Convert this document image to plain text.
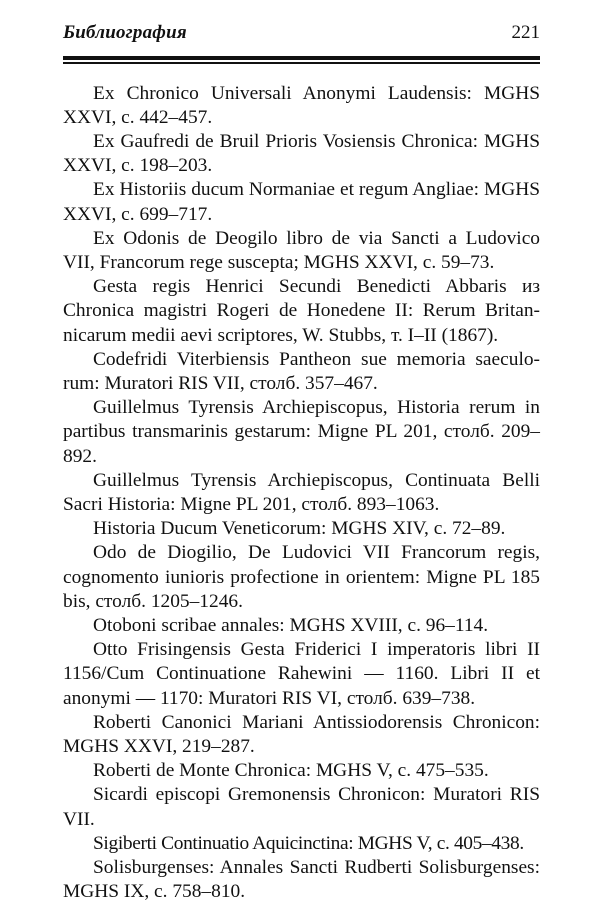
Библиография	221

Ex Chronico Universali Anonymi Laudensis: MGHS XXVI, c. 442–457.

Ex Gaufredi de Bruil Prioris Vosiensis Chronica: MGHS XXVI, c. 198–203.

Ex Historiis ducum Normaniae et regum Angliae: MGHS XXVI, c. 699–717.

Ex Odonis de Deogilo libro de via Sancti a Ludovico VII, Francorum rege suscepta; MGHS XXVI, c. 59–73.

Gesta regis Henrici Secundi Benedicti Abbaris из Chronica magistri Rogeri de Honedene II: Rerum Britannicarum medii aevi scriptores, W. Stubbs, т. I–II (1867).

Codefridi Viterbiensis Pantheon sue memoria saeculorum: Muratori RIS VII, столб. 357–467.

Guillelmus Tyrensis Archiepiscopus, Historia rerum in partibus transmarinis gestarum: Migne PL 201, столб. 209–892.

Guillelmus Tyrensis Archiepiscopus, Continuata Belli Sacri Historia: Migne PL 201, столб. 893–1063.

Historia Ducum Veneticorum: MGHS XIV, c. 72–89.

Odo de Diogilio, De Ludovici VII Francorum regis, cognomento iunioris profectione in orientem: Migne PL 185 bis, столб. 1205–1246.

Otoboni scribae annales: MGHS XVIII, c. 96–114.

Otto Frisingensis Gesta Friderici I imperatoris libri II 1156/Cum Continuatione Rahewini — 1160. Libri II et anonymi — 1170: Muratori RIS VI, столб. 639–738.

Roberti Canonici Mariani Antissiodorensis Chronicon: MGHS XXVI, 219–287.

Roberti de Monte Chronica: MGHS V, c. 475–535.

Sicardi episcopi Gremonensis Chronicon: Muratori RIS VII.

Sigiberti Continuatio Aquicinctina: MGHS V, c. 405–438.

Solisburgenses: Annales Sancti Rudberti Solisburgenses: MGHS IX, c. 758–810.
